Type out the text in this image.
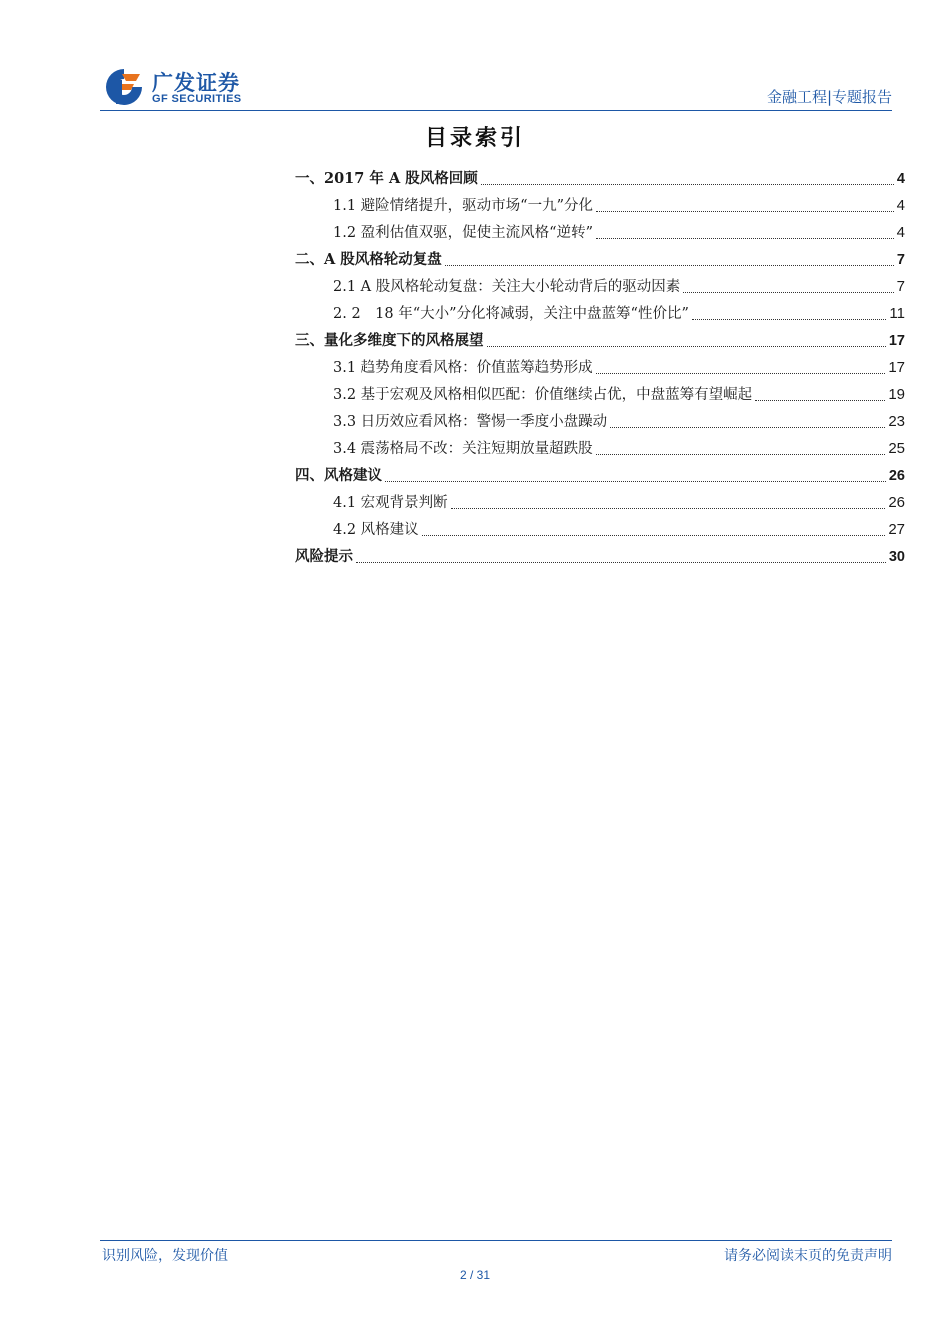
广发证券
GF SECURITIES	金融工程|专题报告
目录索引
一、2017 年 A 股风格回顾	4
1.1 避险情绪提升，驱动市场“一九”分化	4
1.2 盈利估值双驱，促使主流风格“逆转”	4
二、A 股风格轮动复盘	7
2.1 A 股风格轮动复盘：关注大小轮动背后的驱动因素	7
2. 2　18 年“大小”分化将减弱，关注中盘蓝筹“性价比”	11
三、量化多维度下的风格展望	17
3.1 趋势角度看风格：价值蓝筹趋势形成	17
3.2 基于宏观及风格相似匹配：价值继续占优，中盘蓝筹有望崛起	19
3.3 日历效应看风格：警惕一季度小盘躁动	23
3.4 震荡格局不改：关注短期放量超跌股	25
四、风格建议	26
4.1 宏观背景判断	26
4.2 风格建议	27
风险提示	30
识别风险，发现价值	请务必阅读末页的免责声明
2 / 31
